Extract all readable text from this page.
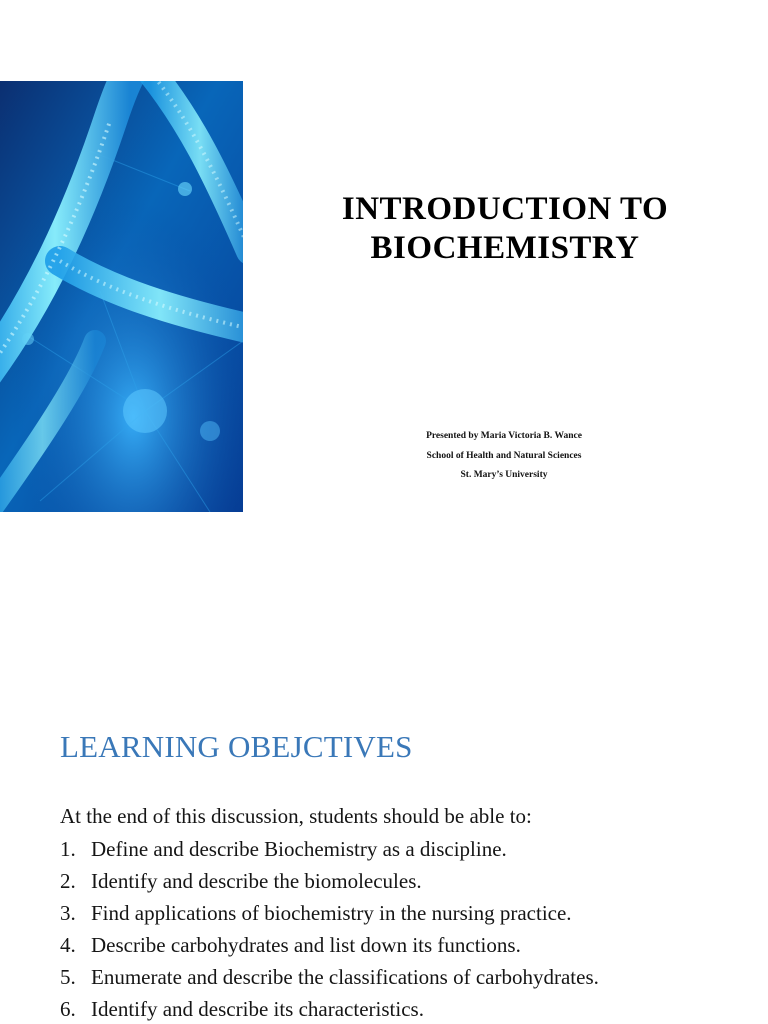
INTRODUCTION TO
BIOCHEMISTRY
Presented by Maria Victoria B. Wance
School of Health and Natural Sciences
St. Mary’s University
LEARNING OBEJCTIVES
At the end of this discussion, students should be able to:
1. Define and describe Biochemistry as a discipline.
2. Identify and describe the biomolecules.
3. Find applications of biochemistry in the nursing practice.
4. Describe carbohydrates and list down its functions.
5. Enumerate and describe the classifications of carbohydrates.
6. Identify and describe its characteristics.
